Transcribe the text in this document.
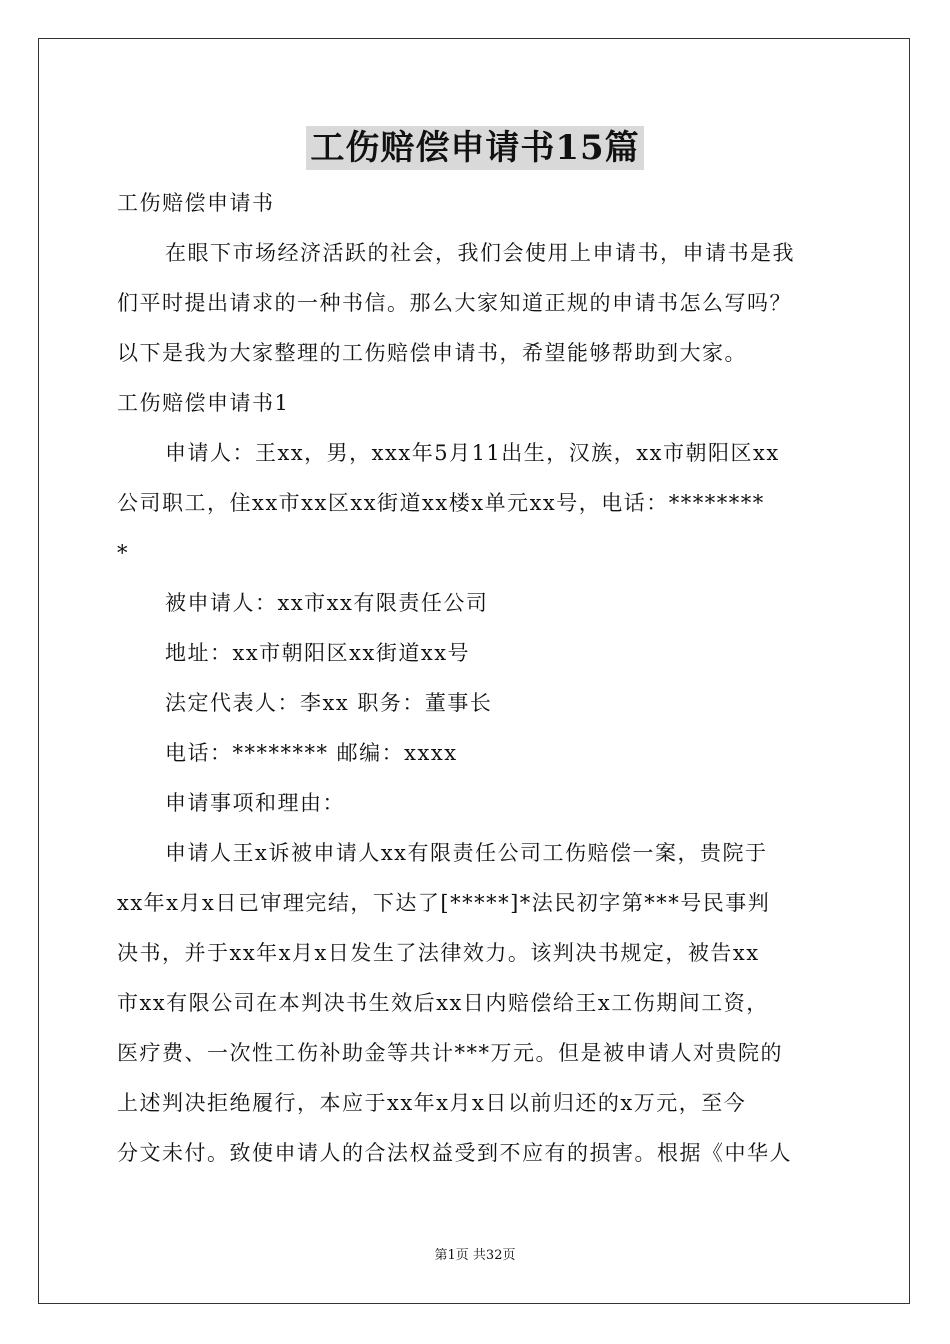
工伤赔偿申请书15篇
工伤赔偿申请书
在眼下市场经济活跃的社会，我们会使用上申请书，申请书是我
们平时提出请求的一种书信。那么大家知道正规的申请书怎么写吗？
以下是我为大家整理的工伤赔偿申请书，希望能够帮助到大家。
工伤赔偿申请书1
申请人：王xx，男，xxx年5月11出生，汉族，xx市朝阳区xx
公司职工，住xx市xx区xx街道xx楼x单元xx号，电话：********
*
被申请人：xx市xx有限责任公司
地址：xx市朝阳区xx街道xx号
法定代表人：李xx 职务：董事长
电话：******** 邮编：xxxx
申请事项和理由：
申请人王x诉被申请人xx有限责任公司工伤赔偿一案，贵院于
xx年x月x日已审理完结，下达了[*****]*法民初字第***号民事判
决书，并于xx年x月x日发生了法律效力。该判决书规定，被告xx
市xx有限公司在本判决书生效后xx日内赔偿给王x工伤期间工资，
医疗费、一次性工伤补助金等共计***万元。但是被申请人对贵院的
上述判决拒绝履行，本应于xx年x月x日以前归还的x万元，至今
分文未付。致使申请人的合法权益受到不应有的损害。根据《中华人
第1页 共32页
